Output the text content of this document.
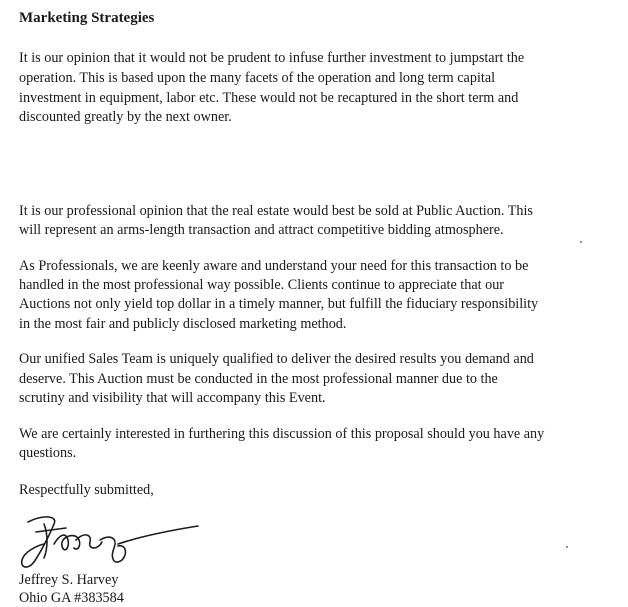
Marketing Strategies

It is our opinion that it would not be prudent to infuse further investment to jumpstart the

operation. This is based upon the many facets of the operation and long term capital

investment in equipment, labor etc. These would not be recaptured in the short term and

discounted greatly by the next owner.

It is our professional opinion that the real estate would best be sold at Public Auction. This

will represent an arms-length transaction and attract competitive bidding atmosphere.

As Professionals, we are keenly aware and understand your need for this transaction to be

handled in the most professional way possible. Clients continue to appreciate that our

Auctions not only yield top dollar in a timely manner, but fulfill the fiduciary responsibility

in the most fair and publicly disclosed marketing method.

Our unified Sales Team is uniquely qualified to deliver the desired results you demand and

deserve. This Auction must be conducted in the most professional manner due to the

scrutiny and visibility that will accompany this Event.

We are certainly interested in furthering this discussion of this proposal should you have any

questions.

Respectfully submitted,

Jeffrey S. Harvey

Ohio GA #383584
